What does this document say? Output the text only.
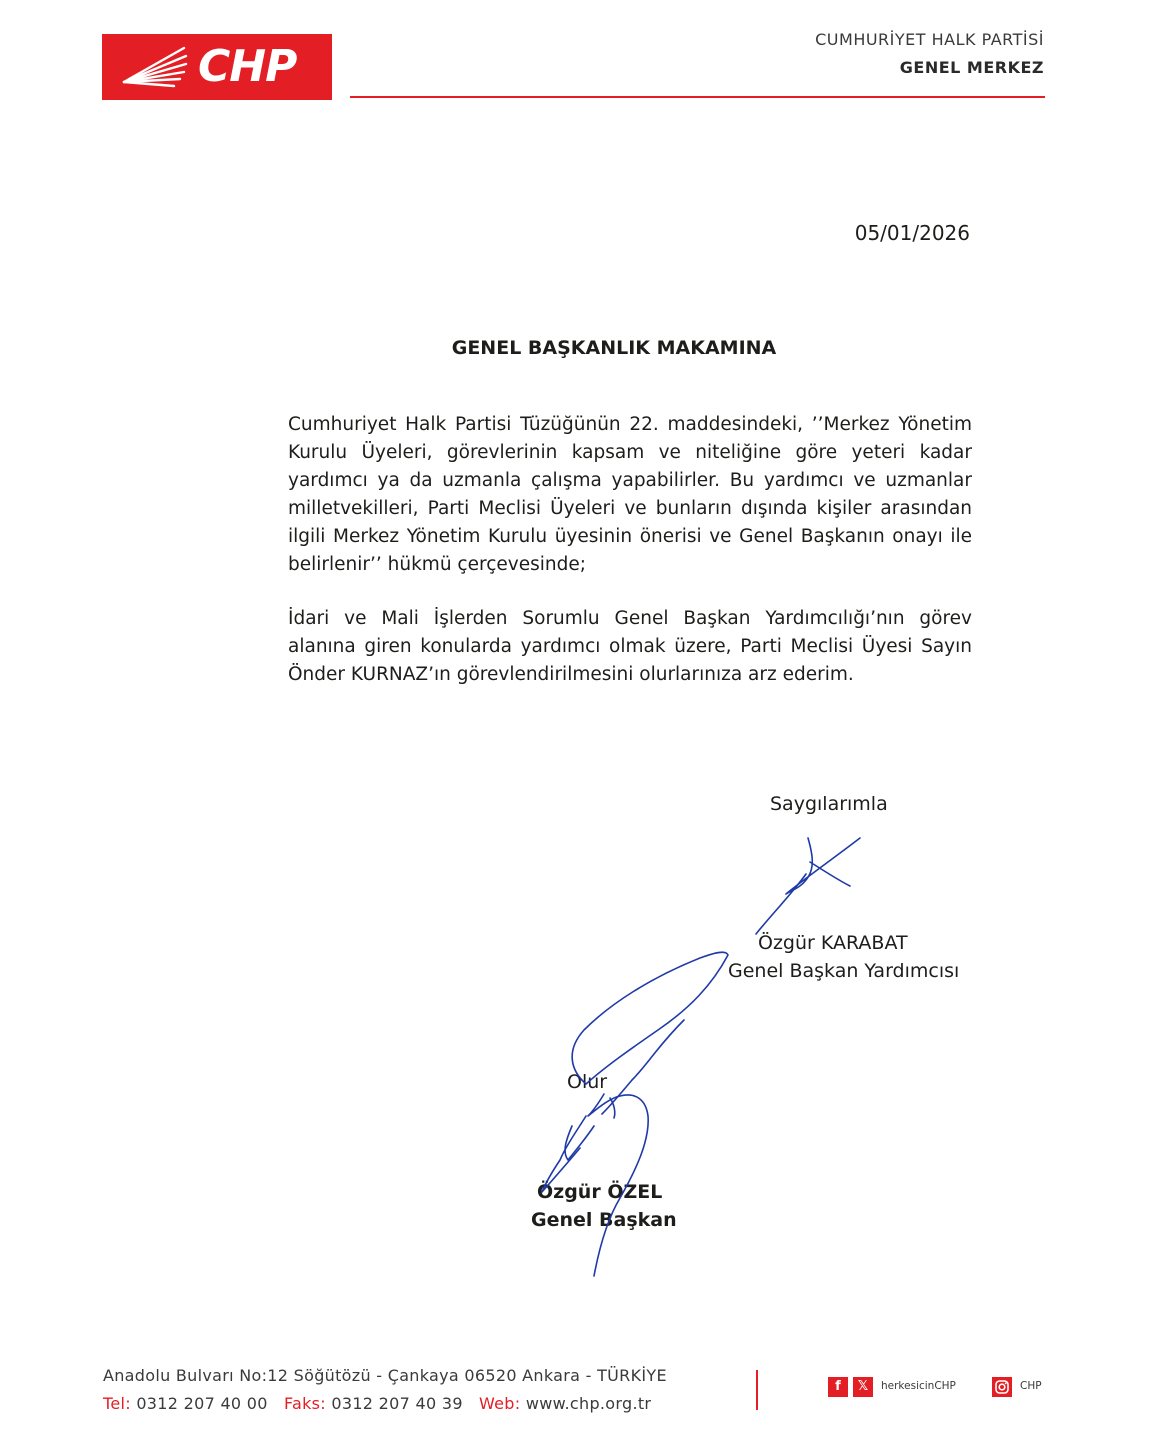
CHP
CUMHURİYET HALK PARTİSİ
GENEL MERKEZ
05/01/2026
GENEL BAŞKANLIK MAKAMINA
Cumhuriyet Halk Partisi Tüzüğünün 22. maddesindeki, ’’Merkez Yönetim Kurulu Üyeleri, görevlerinin kapsam ve niteliğine göre yeteri kadar yardımcı ya da uzmanla çalışma yapabilirler. Bu yardımcı ve uzmanlar milletvekilleri, Parti Meclisi Üyeleri ve bunların dışında kişiler arasından ilgili Merkez Yönetim Kurulu üyesinin önerisi ve Genel Başkanın onayı ile belirlenir’’ hükmü çerçevesinde;
İdari ve Mali İşlerden Sorumlu Genel Başkan Yardımcılığı’nın görev alanına giren konularda yardımcı olmak üzere, Parti Meclisi Üyesi Sayın Önder KURNAZ’ın görevlendirilmesini olurlarınıza arz ederim.
Saygılarımla
Özgür KARABAT
Genel Başkan Yardımcısı
Olur
Özgür ÖZEL
Genel Başkan
Anadolu Bulvarı No:12 Söğütözü - Çankaya 06520 Ankara - TÜRKİYE
Tel: 0312 207 40 00 Faks: 0312 207 40 39 Web: www.chp.org.tr
f	𝕏	herkesicinCHP	CHP
